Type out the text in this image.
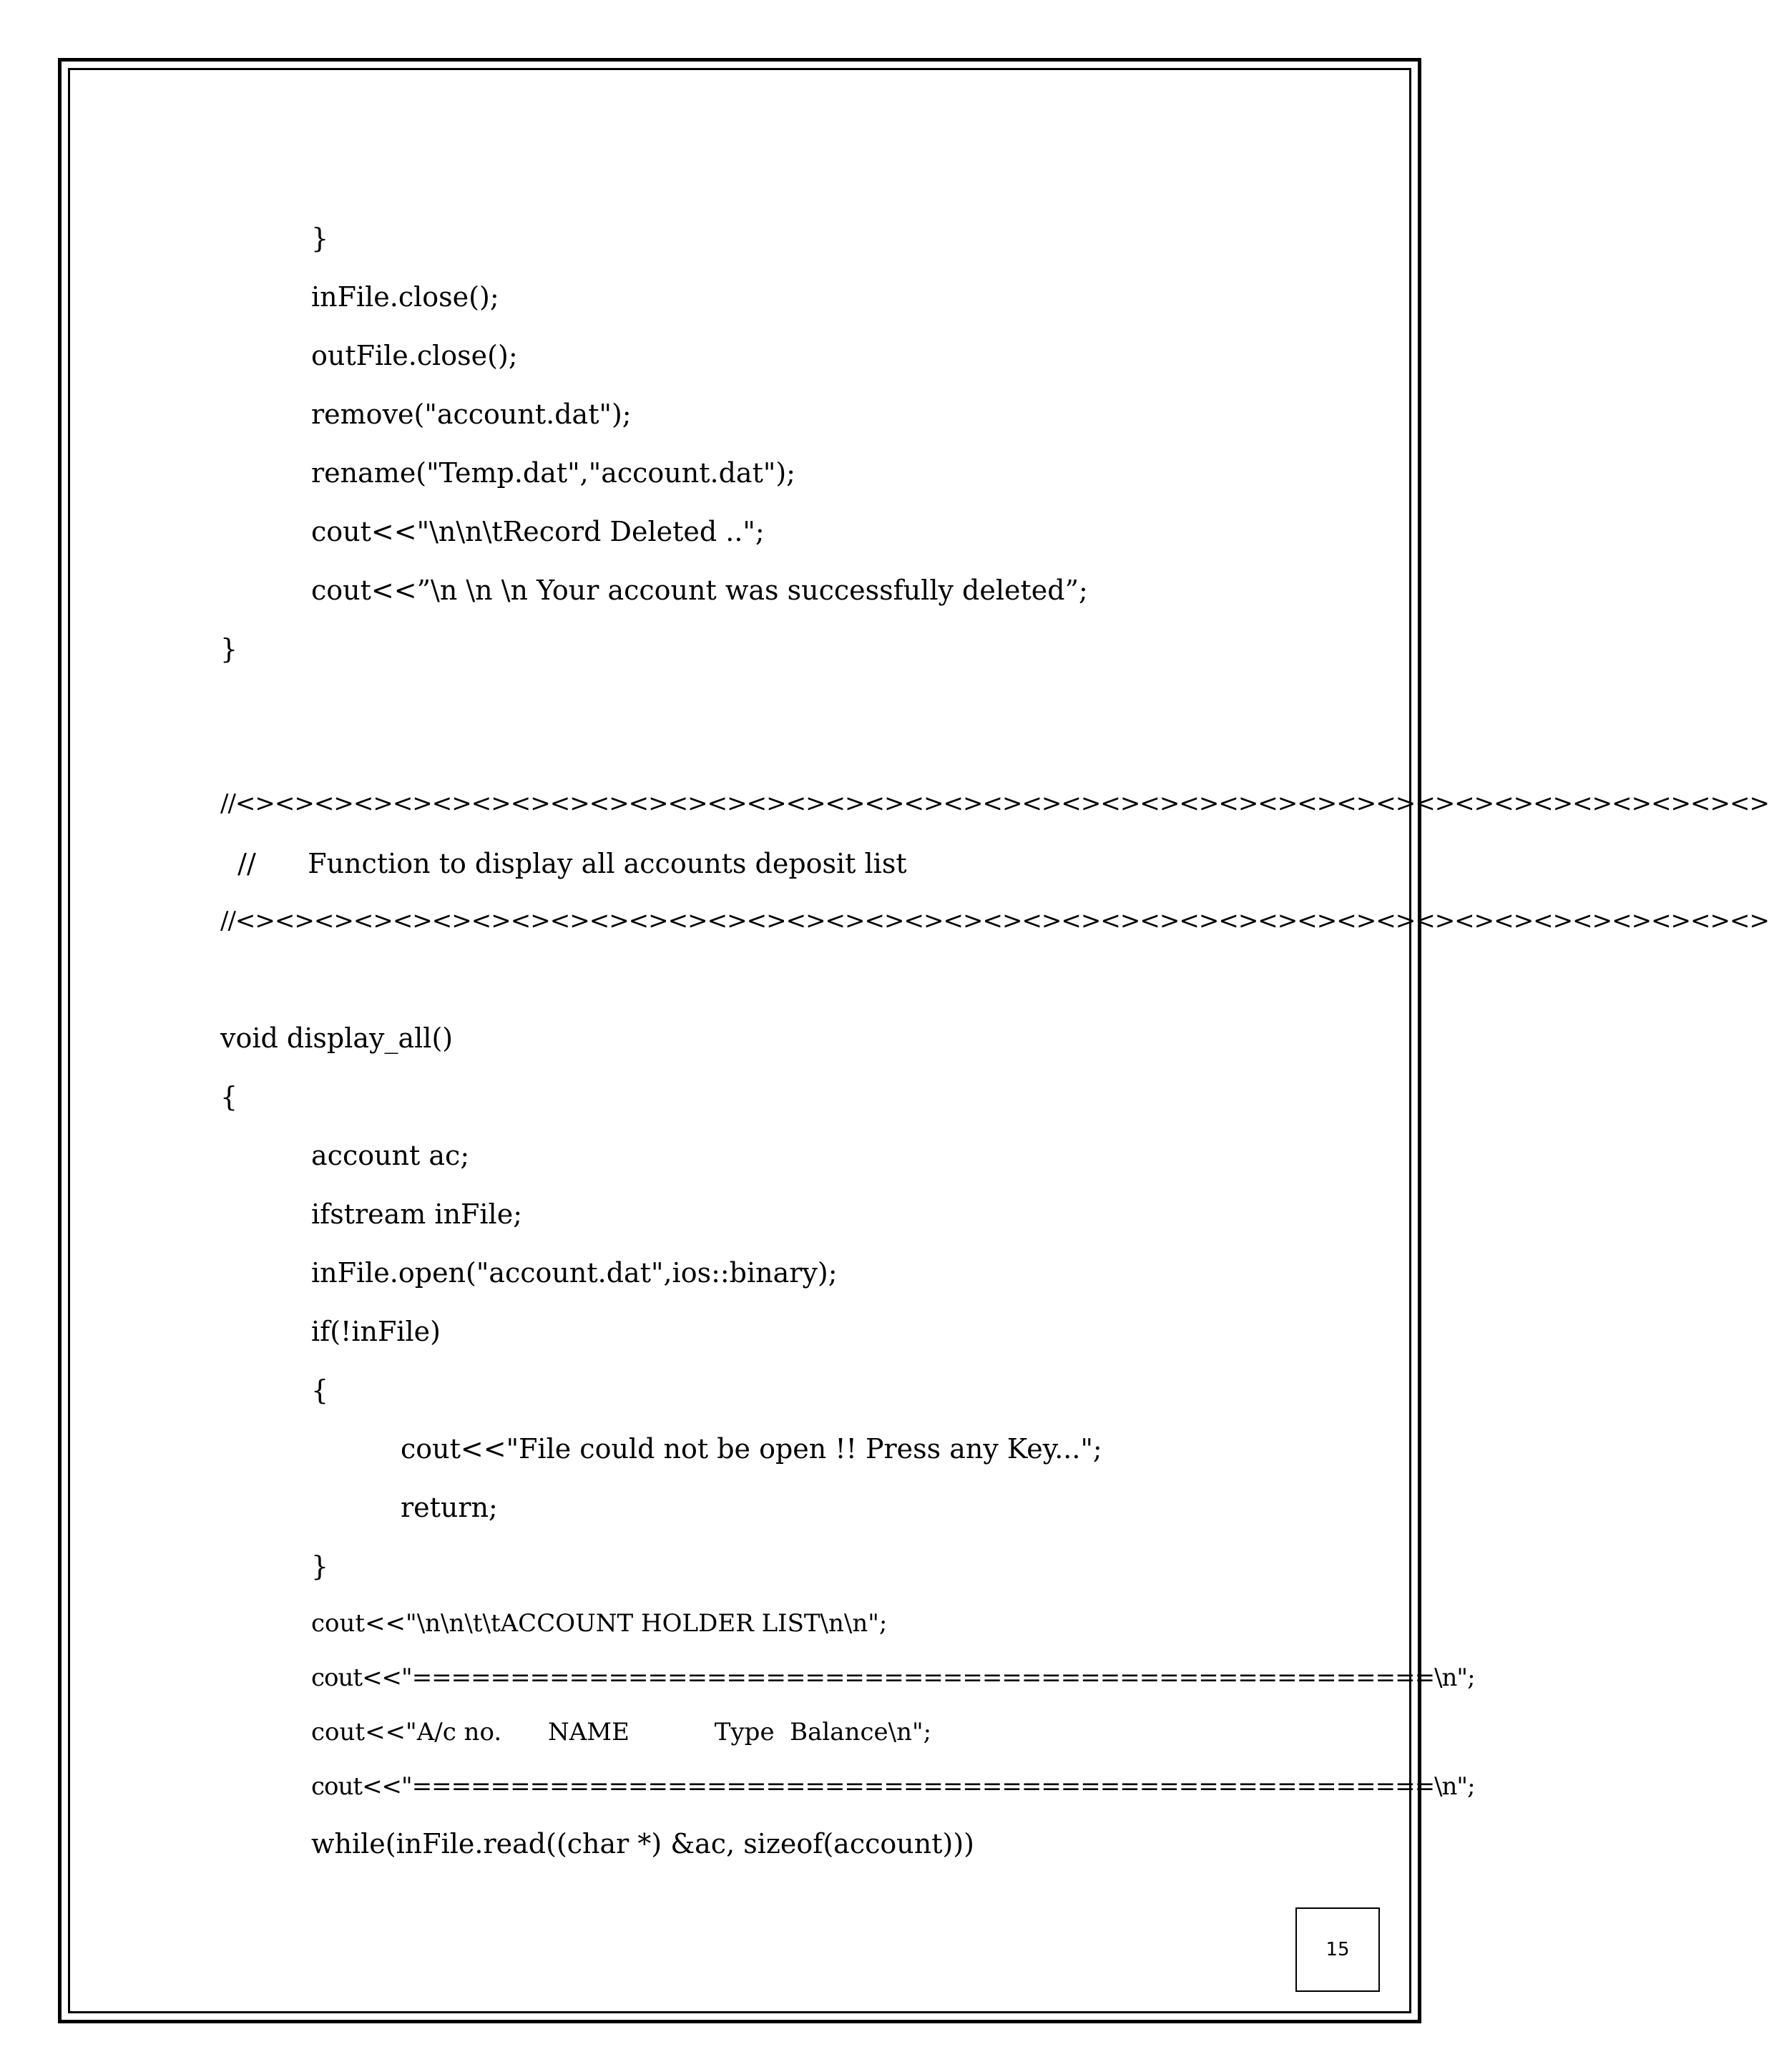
}
inFile.close();
outFile.close();
remove("account.dat");
rename("Temp.dat","account.dat");
cout<<"\n\n\tRecord Deleted ..";
cout<<”\n \n \n Your account was successfully deleted”;
}
//<><><><><><><><><><><><><><><><><><><><><><><><><><><><><><><><><><><><><><><>
//      Function to display all accounts deposit list
//<><><><><><><><><><><><><><><><><><><><><><><><><><><><><><><><><><><><><><><>
void display_all()
{
account ac;
ifstream inFile;
inFile.open("account.dat",ios::binary);
if(!inFile)
{
cout<<"File could not be open !! Press any Key...";
return;
}
cout<<"\n\n\t\tACCOUNT HOLDER LIST\n\n";
cout<<"====================================================\n";
cout<<"A/c no.      NAME           Type  Balance\n";
cout<<"====================================================\n";
while(inFile.read((char *) &ac, sizeof(account)))
15
